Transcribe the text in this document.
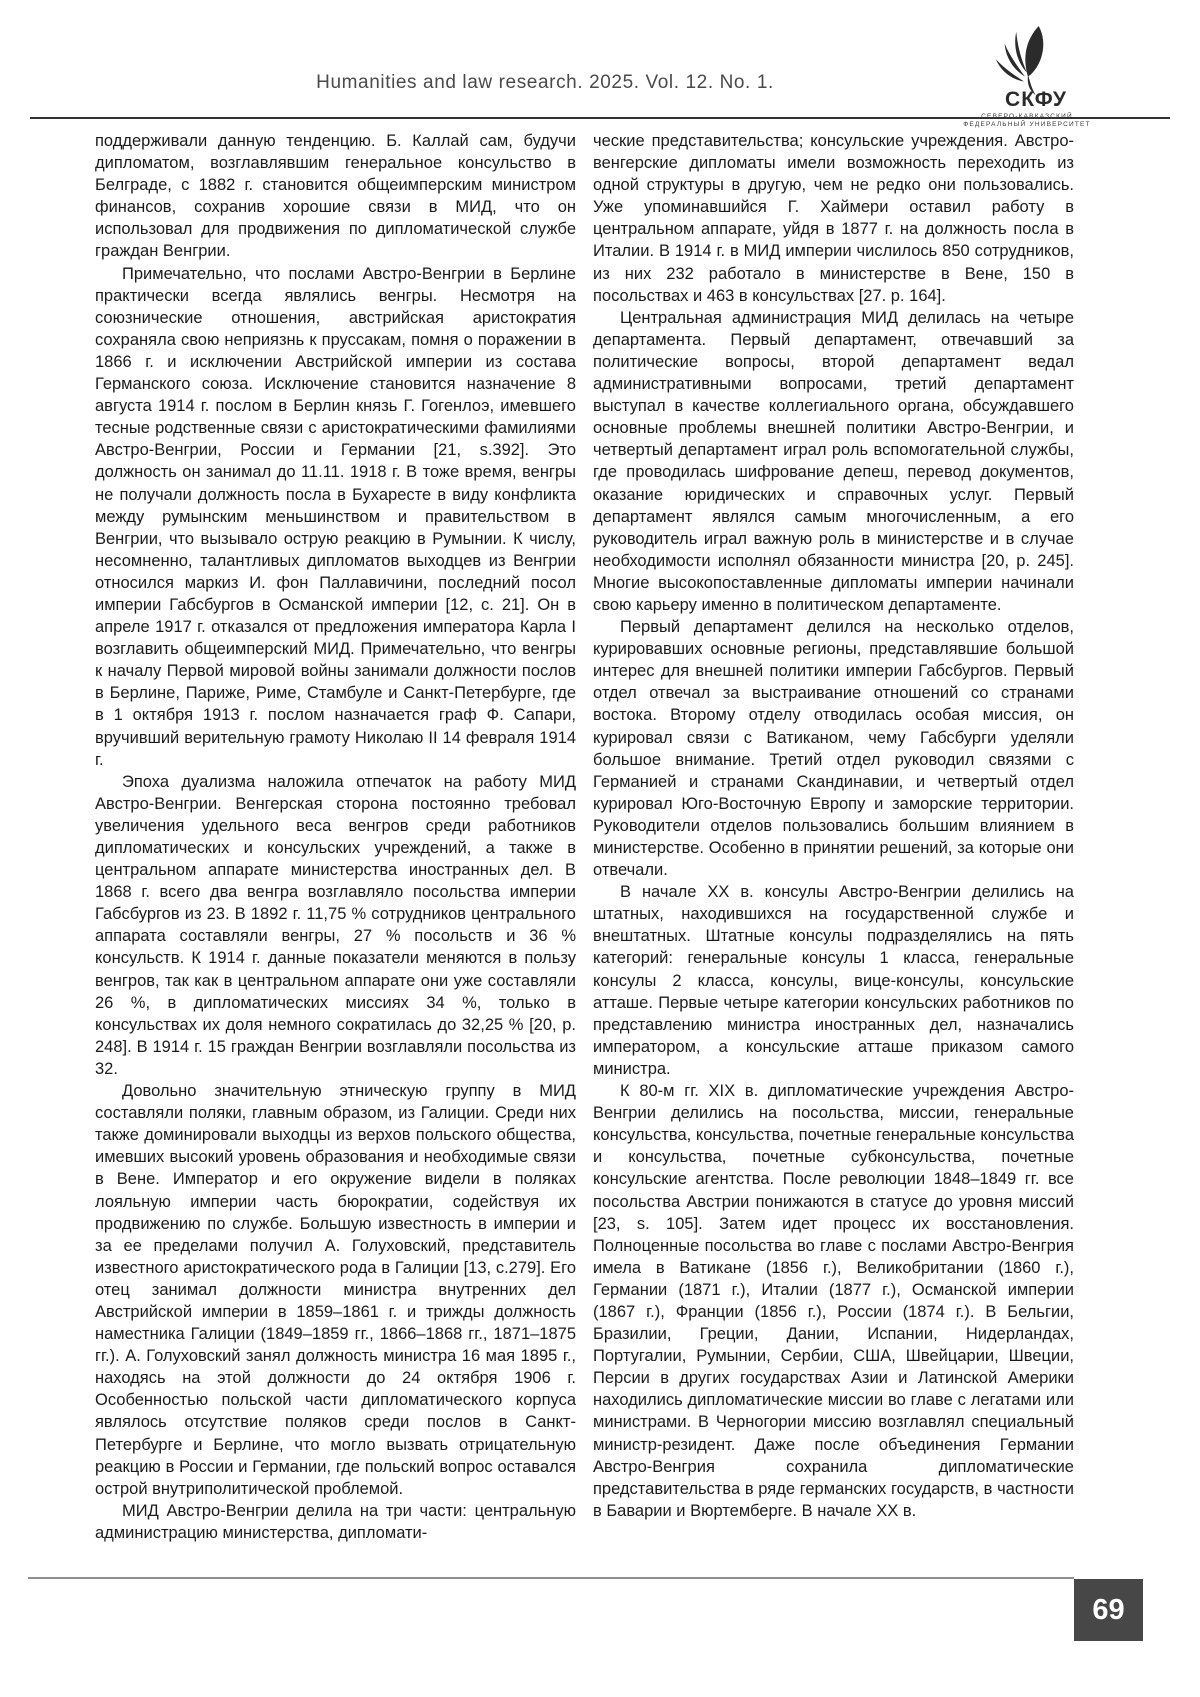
Humanities and law research. 2025. Vol. 12. No. 1.
СКФУ
ФЕДЕРАЛЬНЫЙ УНИВЕРСИТЕТ

поддерживали данную тенденцию. Б. Каллай сам, будучи дипломатом, возглавлявшим генеральное консульство в Белграде, с 1882 г. становится общеимперским министром финансов, сохранив хорошие связи в МИД, что он использовал для продвижения по дипломатической службе граждан Венгрии.

Примечательно, что послами Австро-Венгрии в Берлине практически всегда являлись венгры. Несмотря на союзнические отношения, австрийская аристократия сохраняла свою неприязнь к пруссакам, помня о поражении в 1866 г. и исключении Австрийской империи из состава Германского союза. Исключение становится назначение 8 августа 1914 г. послом в Берлин князь Г. Гогенлоэ, имевшего тесные родственные связи с аристократическими фамилиями Австро-Венгрии, России и Германии [21, s.392]. Это должность он занимал до 11.11. 1918 г. В тоже время, венгры не получали должность посла в Бухаресте в виду конфликта между румынским меньшинством и правительством в Венгрии, что вызывало острую реакцию в Румынии. К числу, несомненно, талантливых дипломатов выходцев из Венгрии относился маркиз И. фон Паллавичини, последний посол империи Габсбургов в Османской империи [12, с. 21]. Он в апреле 1917 г. отказался от предложения императора Карла I возглавить общеимперский МИД. Примечательно, что венгры к началу Первой мировой войны занимали должности послов в Берлине, Париже, Риме, Стамбуле и Санкт-Петербурге, где в 1 октября 1913 г. послом назначается граф Ф. Сапари, вручивший верительную грамоту Николаю II 14 февраля 1914 г.

Эпоха дуализма наложила отпечаток на работу МИД Австро-Венгрии. Венгерская сторона постоянно требовал увеличения удельного веса венгров среди работников дипломатических и консульских учреждений, а также в центральном аппарате министерства иностранных дел. В 1868 г. всего два венгра возглавляло посольства империи Габсбургов из 23. В 1892 г. 11,75 % сотрудников центрального аппарата составляли венгры, 27 % посольств и 36 % консульств. К 1914 г. данные показатели меняются в пользу венгров, так как в центральном аппарате они уже составляли 26 %, в дипломатических миссиях 34 %, только в консульствах их доля немного сократилась до 32,25 % [20, p. 248]. В 1914 г. 15 граждан Венгрии возглавляли посольства из 32.

Довольно значительную этническую группу в МИД составляли поляки, главным образом, из Галиции. Среди них также доминировали выходцы из верхов польского общества, имевших высокий уровень образования и необходимые связи в Вене. Император и его окружение видели в поляках лояльную империи часть бюрократии, содействуя их продвижению по службе. Большую известность в империи и за ее пределами получил А. Голуховский, представитель известного аристократического рода в Галиции [13, с.279]. Его отец занимал должности министра внутренних дел Австрийской империи в 1859–1861 г. и трижды должность наместника Галиции (1849–1859 гг., 1866–1868 гг., 1871–1875 гг.). А. Голуховский занял должность министра 16 мая 1895 г., находясь на этой должности до 24 октября 1906 г. Особенностью польской части дипломатического корпуса являлось отсутствие поляков среди послов в Санкт-Петербурге и Берлине, что могло вызвать отрицательную реакцию в России и Германии, где польский вопрос оставался острой внутриполитической проблемой.

МИД Австро-Венгрии делила на три части: центральную администрацию министерства, дипломати-

ческие представительства; консульские учреждения. Австро-венгерские дипломаты имели возможность переходить из одной структуры в другую, чем не редко они пользовались. Уже упоминавшийся Г. Хаймери оставил работу в центральном аппарате, уйдя в 1877 г. на должность посла в Италии. В 1914 г. в МИД империи числилось 850 сотрудников, из них 232 работало в министерстве в Вене, 150 в посольствах и 463 в консульствах [27. p. 164].

Центральная администрация МИД делилась на четыре департамента. Первый департамент, отвечавший за политические вопросы, второй департамент ведал административными вопросами, третий департамент выступал в качестве коллегиального органа, обсуждавшего основные проблемы внешней политики Австро-Венгрии, и четвертый департамент играл роль вспомогательной службы, где проводилась шифрование депеш, перевод документов, оказание юридических и справочных услуг. Первый департамент являлся самым многочисленным, а его руководитель играл важную роль в министерстве и в случае необходимости исполнял обязанности министра [20, p. 245]. Многие высокопоставленные дипломаты империи начинали свою карьеру именно в политическом департаменте.

Первый департамент делился на несколько отделов, курировавших основные регионы, представлявшие большой интерес для внешней политики империи Габсбургов. Первый отдел отвечал за выстраивание отношений со странами востока. Второму отделу отводилась особая миссия, он курировал связи с Ватиканом, чему Габсбурги уделяли большое внимание. Третий отдел руководил связями с Германией и странами Скандинавии, и четвертый отдел курировал Юго-Восточную Европу и заморские территории. Руководители отделов пользовались большим влиянием в министерстве. Особенно в принятии решений, за которые они отвечали.

В начале XX в. консулы Австро-Венгрии делились на штатных, находившихся на государственной службе и внештатных. Штатные консулы подразделялись на пять категорий: генеральные консулы 1 класса, генеральные консулы 2 класса, консулы, вице-консулы, консульские атташе. Первые четыре категории консульских работников по представлению министра иностранных дел, назначались императором, а консульские атташе приказом самого министра.

К 80-м гг. XIX в. дипломатические учреждения Австро-Венгрии делились на посольства, миссии, генеральные консульства, консульства, почетные генеральные консульства и консульства, почетные субконсульства, почетные консульские агентства. После революции 1848–1849 гг. все посольства Австрии понижаются в статусе до уровня миссий [23, s. 105]. Затем идет процесс их восстановления. Полноценные посольства во главе с послами Австро-Венгрия имела в Ватикане (1856 г.), Великобритании (1860 г.), Германии (1871 г.), Италии (1877 г.), Османской империи (1867 г.), Франции (1856 г.), России (1874 г.). В Бельгии, Бразилии, Греции, Дании, Испании, Нидерландах, Португалии, Румынии, Сербии, США, Швейцарии, Швеции, Персии в других государствах Азии и Латинской Америки находились дипломатические миссии во главе с легатами или министрами. В Черногории миссию возглавлял специальный министр-резидент. Даже после объединения Германии Австро-Венгрия сохранила дипломатические представительства в ряде германских государств, в частности в Баварии и Вюртемберге. В начале XX в.

69
